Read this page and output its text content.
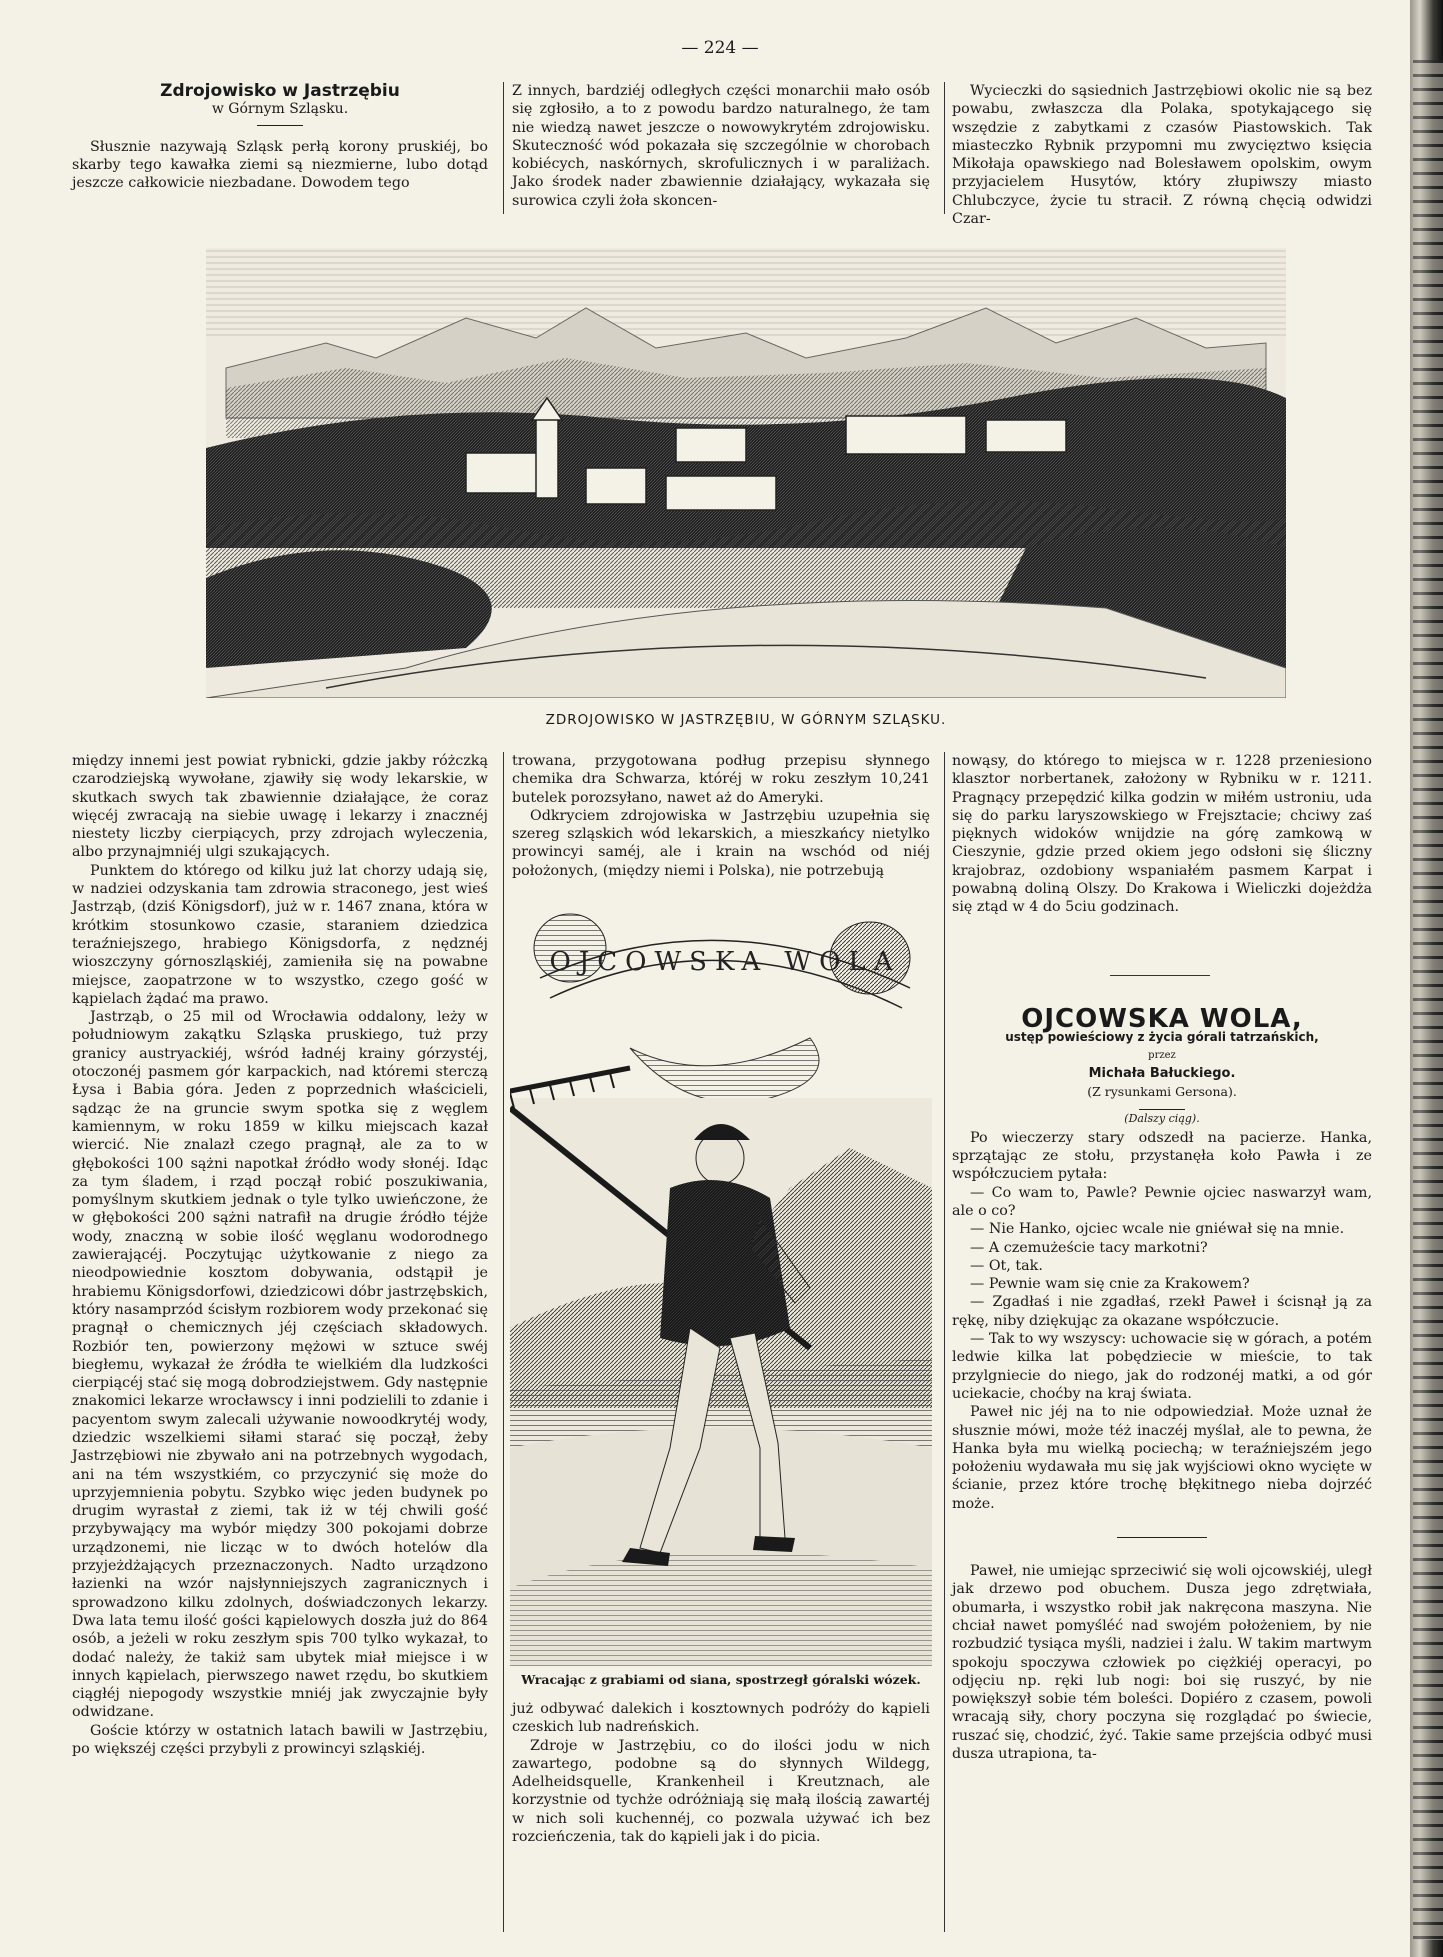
— 224 —

Zdrojowisko w Jastrzębiu

w Górnym Szląsku.

Słusznie nazywają Szląsk perłą korony pruskiéj, bo skarby tego kawałka ziemi są niezmierne, lubo dotąd jeszcze całkowicie niezbadane. Dowodem tego

Z innych, bardziéj odległych części monarchii mało osób się zgłosiło, a to z powodu bardzo naturalnego, że tam nie wiedzą nawet jeszcze o nowowykrytém zdrojowisku. Skuteczność wód pokazała się szczególnie w chorobach kobiécych, naskórnych, skrofulicznych i w paraliżach. Jako środek nader zbawiennie działający, wykazała się surowica czyli żoła skoncen-

Wycieczki do sąsiednich Jastrzębiowi okolic nie są bez powabu, zwłaszcza dla Polaka, spotykającego się wszędzie z zabytkami z czasów Piastowskich. Tak miasteczko Rybnik przypomni mu zwycięztwo księcia Mikołaja opawskiego nad Bolesławem opolskim, owym przyjacielem Husytów, który złupiwszy miasto Chlubczyce, życie tu stracił. Z równą chęcią odwidzi Czar-

ZDROJOWISKO W JASTRZĘBIU, W GÓRNYM SZLĄSKU.

między innemi jest powiat rybnicki, gdzie jakby różczką czarodziejską wywołane, zjawiły się wody lekarskie, w skutkach swych tak zbawiennie działające, że coraz więcéj zwracają na siebie uwagę i lekarzy i znacznéj niestety liczby cierpiących, przy zdrojach wyleczenia, albo przynajmniéj ulgi szukających.

Punktem do którego od kilku już lat chorzy udają się, w nadziei odzyskania tam zdrowia straconego, jest wieś Jastrząb, (dziś Königsdorf), już w r. 1467 znana, która w krótkim stosunkowo czasie, staraniem dziedzica teraźniejszego, hrabiego Königsdorfa, z nędznéj wioszczyny górnoszląskiéj, zamieniła się na powabne miejsce, zaopatrzone w to wszystko, czego gość w kąpielach żądać ma prawo.

Jastrząb, o 25 mil od Wrocławia oddalony, leży w południowym zakątku Szląska pruskiego, tuż przy granicy austryackiéj, wśród ładnéj krainy górzystéj, otoczonéj pasmem gór karpackich, nad któremi sterczą Łysa i Babia góra. Jeden z poprzednich właścicieli, sądząc że na gruncie swym spotka się z węglem kamiennym, w roku 1859 w kilku miejscach kazał wiercić. Nie znalazł czego pragnął, ale za to w głębokości 100 sążni napotkał źródło wody słonéj. Idąc za tym śladem, i rząd począł robić poszukiwania, pomyślnym skutkiem jednak o tyle tylko uwieńczone, że w głębokości 200 sążni natrafił na drugie źródło téjże wody, znaczną w sobie ilość węglanu wodorodnego zawierającéj. Poczytując użytkowanie z niego za nieodpowiednie kosztom dobywania, odstąpił je hrabiemu Königsdorfowi, dziedzicowi dóbr jastrzębskich, który nasamprzód ścisłym rozbiorem wody przekonać się pragnął o chemicznych jéj częściach składowych. Rozbiór ten, powierzony mężowi w sztuce swéj biegłemu, wykazał że źródła te wielkiém dla ludzkości cierpiącéj stać się mogą dobrodziejstwem. Gdy następnie znakomici lekarze wrocławscy i inni podzielili to zdanie i pacyentom swym zalecali używanie nowoodkrytéj wody, dziedzic wszelkiemi siłami starać się począł, żeby Jastrzębiowi nie zbywało ani na potrzebnych wygodach, ani na tém wszystkiém, co przyczynić się może do uprzyjemnienia pobytu. Szybko więc jeden budynek po drugim wyrastał z ziemi, tak iż w téj chwili gość przybywający ma wybór między 300 pokojami dobrze urządzonemi, nie licząc w to dwóch hotelów dla przyjeżdżających przeznaczonych. Nadto urządzono łazienki na wzór najsłynniejszych zagranicznych i sprowadzono kilku zdolnych, doświadczonych lekarzy. Dwa lata temu ilość gości kąpielowych doszła już do 864 osób, a jeżeli w roku zeszłym spis 700 tylko wykazał, to dodać należy, że takiż sam ubytek miał miejsce i w innych kąpielach, pierwszego nawet rzędu, bo skutkiem ciągłéj niepogody wszystkie mniéj jak zwyczajnie były odwidzane.

Goście którzy w ostatnich latach bawili w Jastrzębiu, po większéj części przybyli z prowincyi szląskiéj.

trowana, przygotowana podług przepisu słynnego chemika dra Schwarza, któréj w roku zeszłym 10,241 butelek porozsyłano, nawet aż do Ameryki.

Odkryciem zdrojowiska w Jastrzębiu uzupełnia się szereg szląskich wód lekarskich, a mieszkańcy nietylko prowincyi saméj, ale i krain na wschód od niéj położonych, (między niemi i Polska), nie potrzebują

OJCOWSKA WOLA
Wracając z grabiami od siana, spostrzegł góralski wózek.

już odbywać dalekich i kosztownych podróży do kąpieli czeskich lub nadreńskich.

Zdroje w Jastrzębiu, co do ilości jodu w nich zawartego, podobne są do słynnych Wildegg, Adelheidsquelle, Krankenheil i Kreutznach, ale korzystnie od tychże odróżniają się małą ilością zawartéj w nich soli kuchennéj, co pozwala używać ich bez rozcieńczenia, tak do kąpieli jak i do picia.

nowąsy, do którego to miejsca w r. 1228 przeniesiono klasztor norbertanek, założony w Rybniku w r. 1211. Pragnący przepędzić kilka godzin w miłém ustroniu, uda się do parku laryszowskiego w Frejsztacie; chciwy zaś pięknych widoków wnijdzie na górę zamkową w Cieszynie, gdzie przed okiem jego odsłoni się śliczny krajobraz, ozdobiony wspaniałém pasmem Karpat i powabną doliną Olszy. Do Krakowa i Wieliczki dojeżdża się ztąd w 4 do 5ciu godzinach.

OJCOWSKA WOLA,

ustęp powieściowy z życia górali tatrzańskich,

przez

Michała Bałuckiego.

(Z rysunkami Gersona).

(Dalszy ciąg).

Po wieczerzy stary odszedł na pacierze. Hanka, sprzątając ze stołu, przystanęła koło Pawła i ze współczuciem pytała:

— Co wam to, Pawle? Pewnie ojciec naswarzył wam, ale o co?

— Nie Hanko, ojciec wcale nie gniéwał się na mnie.

— A czemużeście tacy markotni?

— Ot, tak.

— Pewnie wam się cnie za Krakowem?

— Zgadłaś i nie zgadłaś, rzekł Paweł i ścisnął ją za rękę, niby dziękując za okazane współczucie.

— Tak to wy wszyscy: uchowacie się w górach, a potém ledwie kilka lat pobędziecie w mieście, to tak przylgniecie do niego, jak do rodzonéj matki, a od gór uciekacie, choćby na kraj świata.

Paweł nic jéj na to nie odpowiedział. Może uznał że słusznie mówi, może téż inaczéj myślał, ale to pewna, że Hanka była mu wielką pociechą; w teraźniejszém jego położeniu wydawała mu się jak wyjściowi okno wycięte w ścianie, przez które trochę błękitnego nieba dojrzéć może.

Paweł, nie umiejąc sprzeciwić się woli ojcowskiéj, uległ jak drzewo pod obuchem. Dusza jego zdrętwiała, obumarła, i wszystko robił jak nakręcona maszyna. Nie chciał nawet pomyśléć nad swojém położeniem, by nie rozbudzić tysiąca myśli, nadziei i żalu. W takim martwym spokoju spoczywa człowiek po ciężkiéj operacyi, po odjęciu np. ręki lub nogi: boi się ruszyć, by nie powiększył sobie tém boleści. Dopiéro z czasem, powoli wracają siły, chory poczyna się rozglądać po świecie, ruszać się, chodzić, żyć. Takie same przejścia odbyć musi dusza utrapiona, ta-
